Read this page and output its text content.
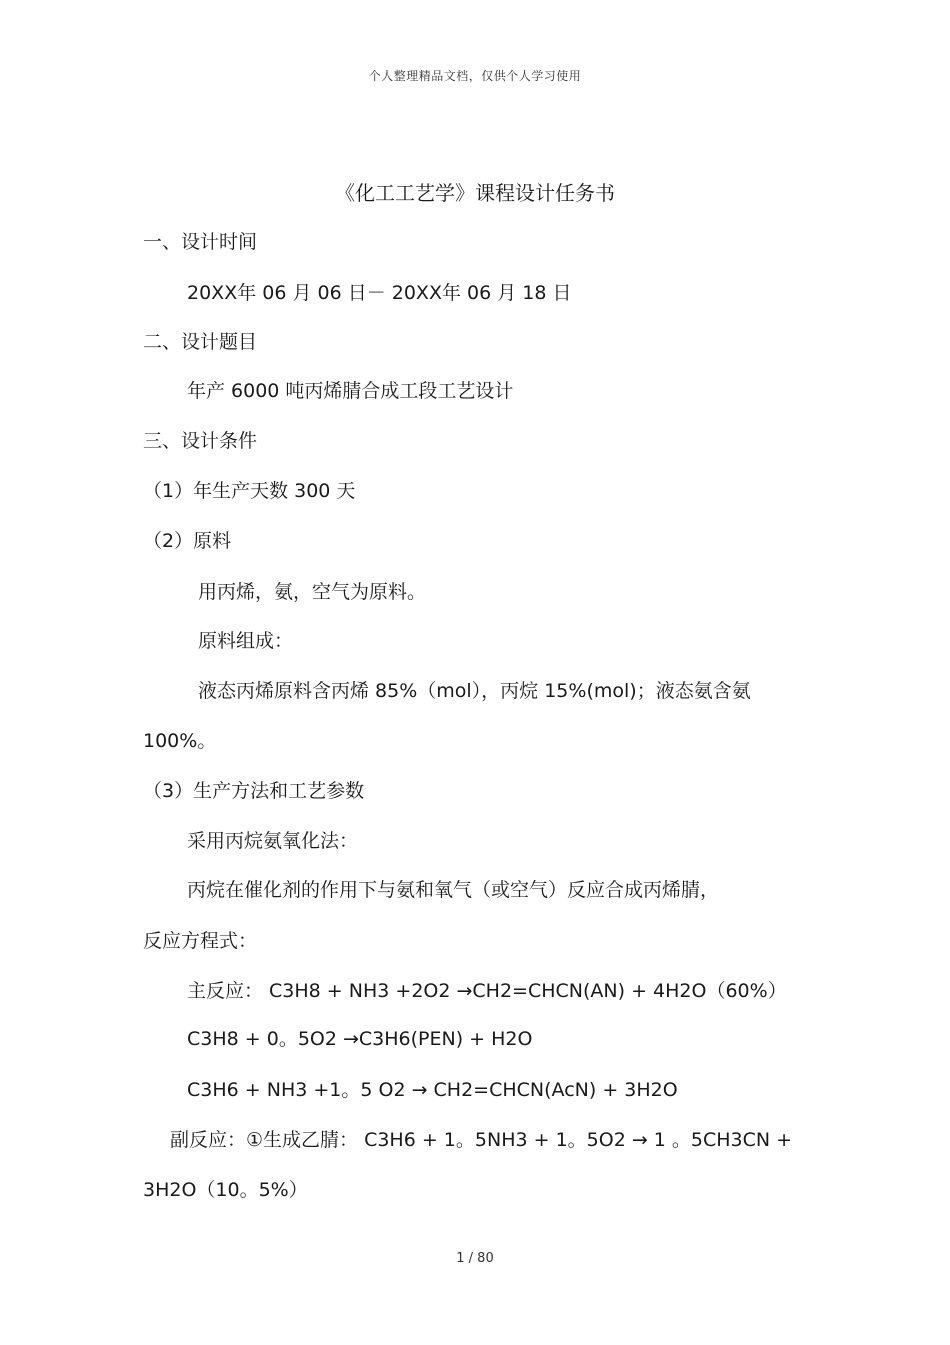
个人整理精品文档，仅供个人学习使用
《化工工艺学》课程设计任务书
一、设计时间
20XX年 06 月 06 日－ 20XX年 06 月 18 日
二、设计题目
年产 6000 吨丙烯腈合成工段工艺设计
三、设计条件
（1）年生产天数 300 天
（2）原料
用丙烯，氨，空气为原料。
原料组成：
液态丙烯原料含丙烯 85%（mol），丙烷 15%(mol)；液态氨含氨
100%。
（3）生产方法和工艺参数
采用丙烷氨氧化法：
丙烷在催化剂的作用下与氨和氧气（或空气）反应合成丙烯腈，
反应方程式：
主反应： C3H8 + NH3 +2O2 →CH2=CHCN(AN) + 4H2O（60%）
C3H8 + 0。5O2 →C3H6(PEN) + H2O
C3H6 + NH3 +1。5 O2 → CH2=CHCN(AcN) + 3H2O
副反应：①生成乙腈： C3H6 + 1。5NH3 + 1。5O2 → 1 。5CH3CN +
3H2O（10。5%）
1 / 80
